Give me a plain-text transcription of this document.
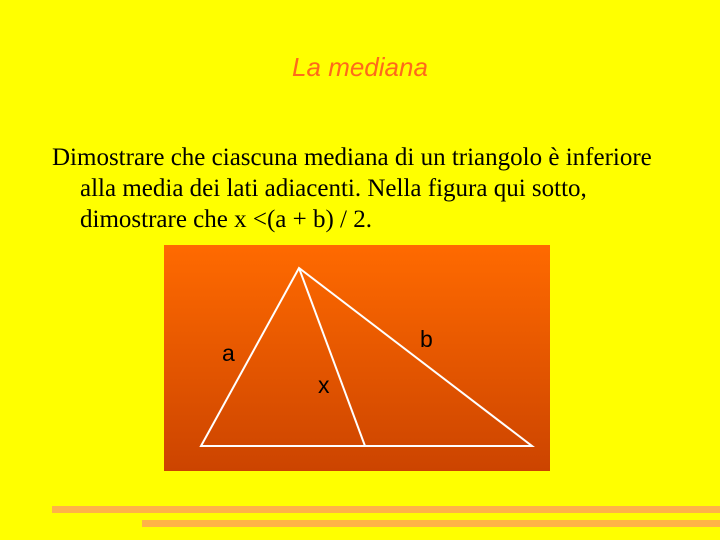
La mediana
Dimostrare che ciascuna mediana di un triangolo è inferiore alla media dei lati adiacenti. Nella figura qui sotto, dimostrare che x <(a + b) / 2.
a
b
x
